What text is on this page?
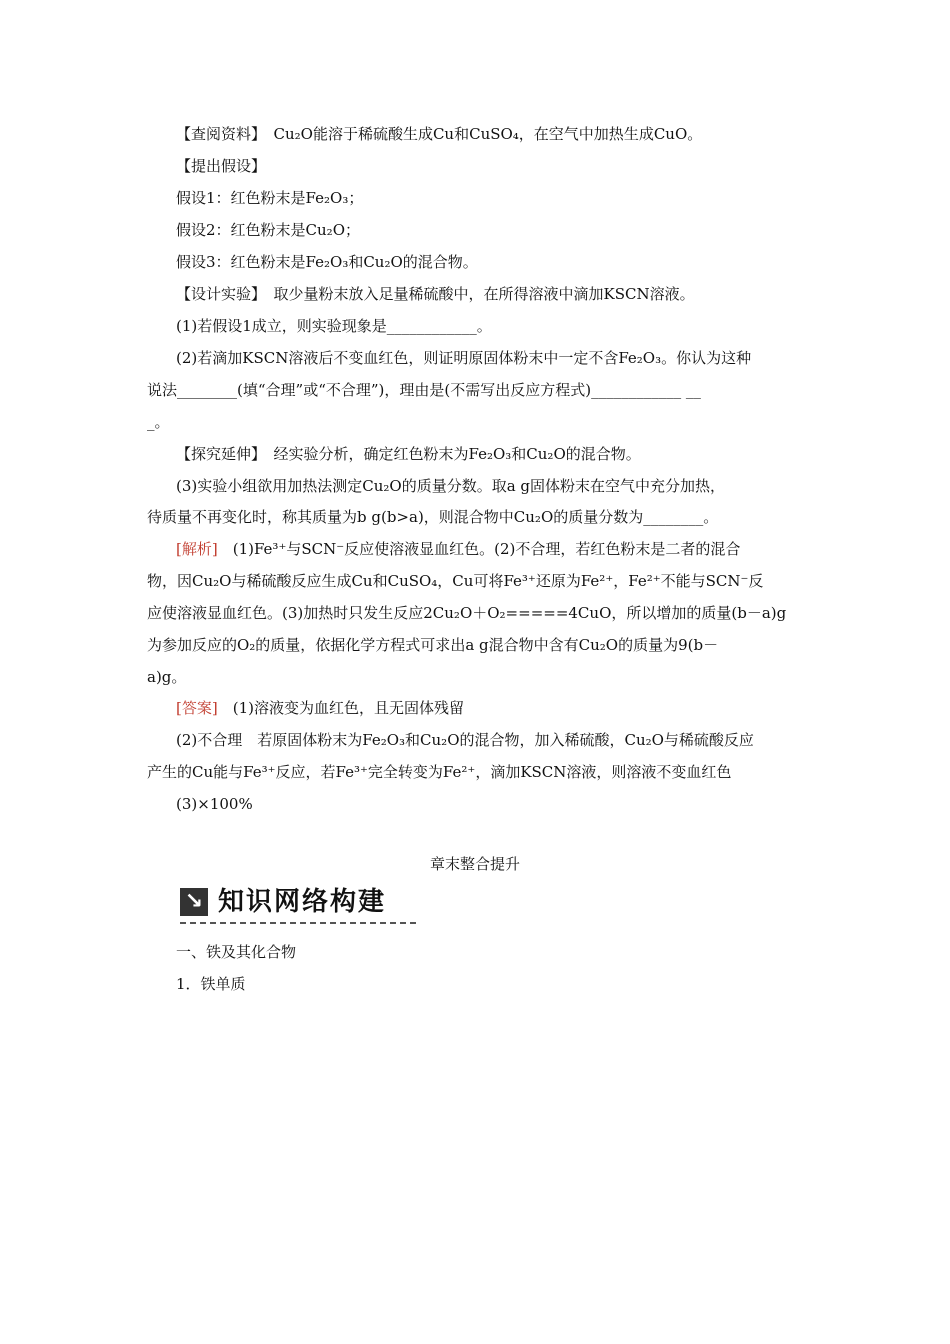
【查阅资料】　Cu₂O能溶于稀硫酸生成Cu和CuSO₄，在空气中加热生成CuO。
【提出假设】
假设1：红色粉末是Fe₂O₃；
假设2：红色粉末是Cu₂O；
假设3：红色粉末是Fe₂O₃和Cu₂O的混合物。
【设计实验】　取少量粉末放入足量稀硫酸中，在所得溶液中滴加KSCN溶液。
(1)若假设1成立，则实验现象是____________。
(2)若滴加KSCN溶液后不变血红色，则证明原固体粉末中一定不含Fe₂O₃。你认为这种
说法________(填“合理”或“不合理”)，理由是(不需写出反应方程式)____________ __
_。
【探究延伸】　经实验分析，确定红色粉末为Fe₂O₃和Cu₂O的混合物。
(3)实验小组欲用加热法测定Cu₂O的质量分数。取a g固体粉末在空气中充分加热，
待质量不再变化时，称其质量为b g(b>a)，则混合物中Cu₂O的质量分数为________。
[解析]　(1)Fe³⁺与SCN⁻反应使溶液显血红色。(2)不合理，若红色粉末是二者的混合
物，因Cu₂O与稀硫酸反应生成Cu和CuSO₄，Cu可将Fe³⁺还原为Fe²⁺，Fe²⁺不能与SCN⁻反
应使溶液显血红色。(3)加热时只发生反应2Cu₂O＋O₂=====4CuO，所以增加的质量(b－a)g
为参加反应的O₂的质量，依据化学方程式可求出a g混合物中含有Cu₂O的质量为9(b－
a)g。
[答案]　(1)溶液变为血红色，且无固体残留
(2)不合理　若原固体粉末为Fe₂O₃和Cu₂O的混合物，加入稀硫酸，Cu₂O与稀硫酸反应
产生的Cu能与Fe³⁺反应，若Fe³⁺完全转变为Fe²⁺，滴加KSCN溶液，则溶液不变血红色
(3)×100%
章末整合提升
↘ 知识网络构建
一、铁及其化合物
1．铁单质
